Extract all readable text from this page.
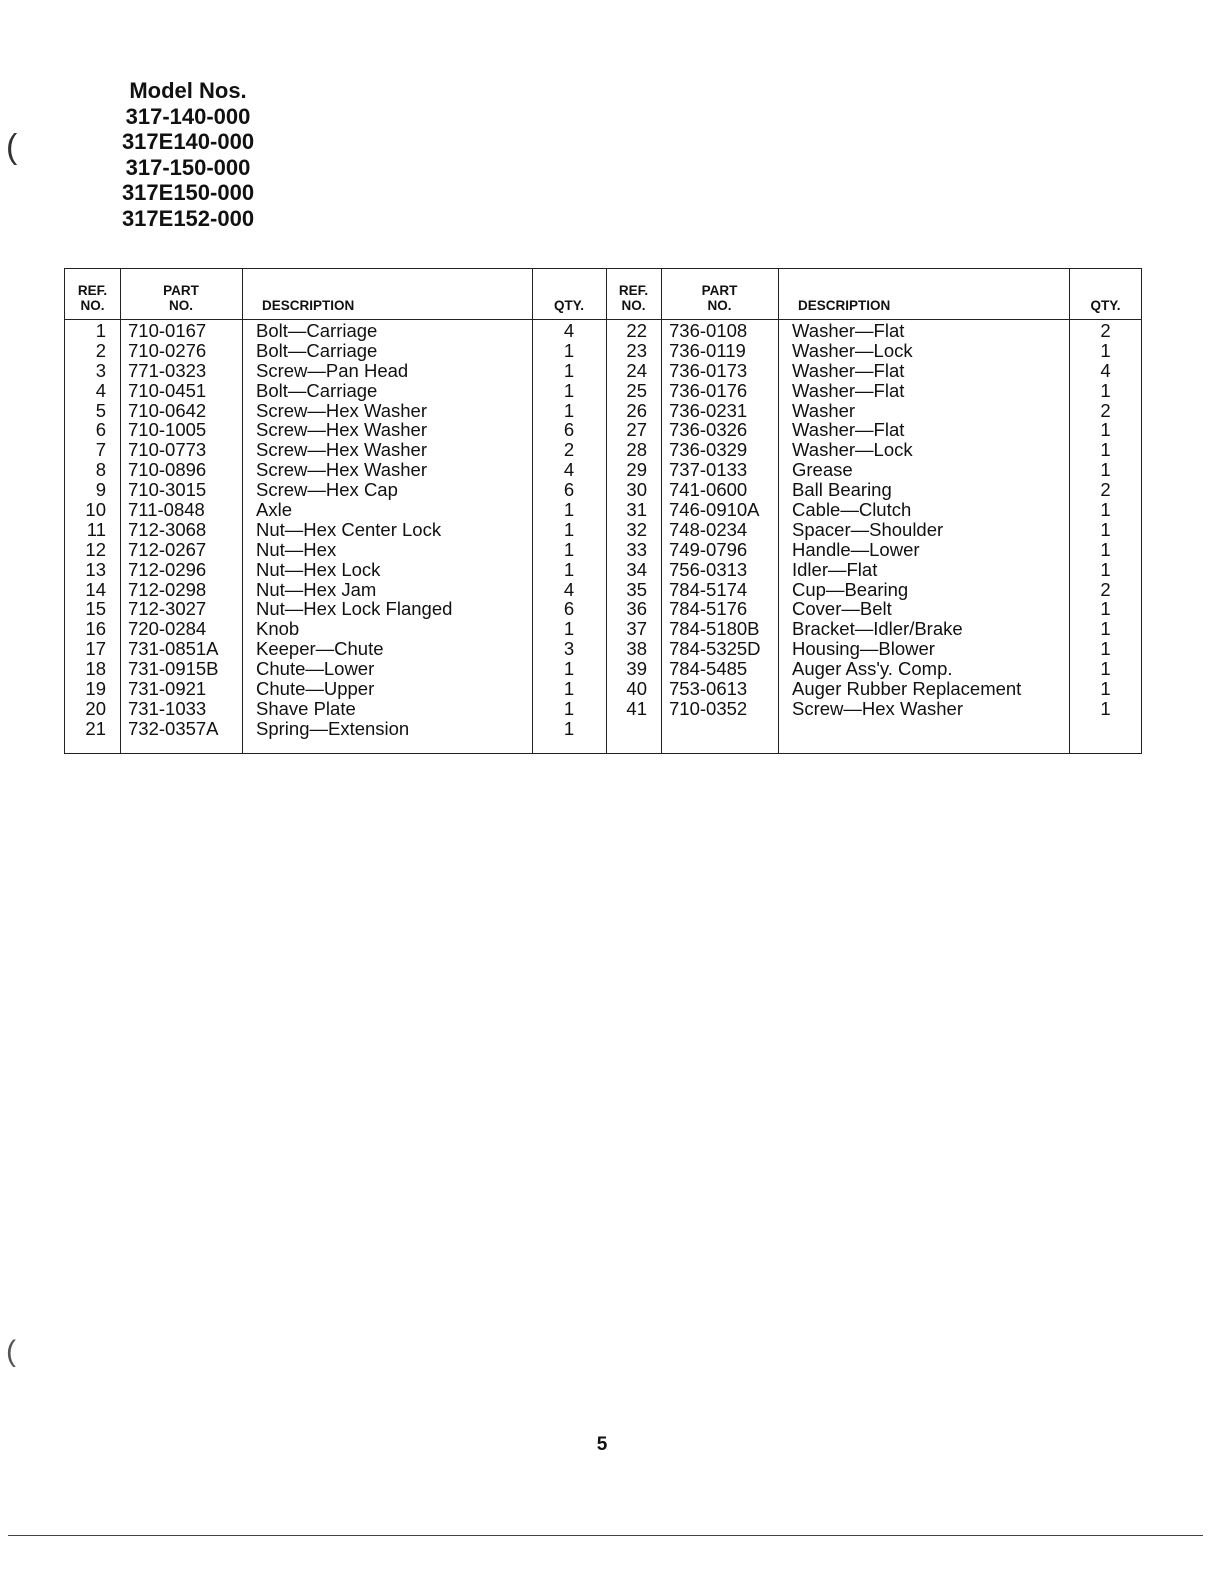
Model Nos.
317-140-000
317E140-000
317-150-000
317E150-000
317E152-000
(
(
REF.
NO.
PART
NO.	DESCRIPTION	QTY.
1 710-0167	Bolt—Carriage	4
2 710-0276	Bolt—Carriage	1
3 771-0323	Screw—Pan Head	1
4 710-0451	Bolt—Carriage	1
5 710-0642	Screw—Hex Washer	1
6 710-1005	Screw—Hex Washer	6
7 710-0773	Screw—Hex Washer	2
8 710-0896	Screw—Hex Washer	4
9 710-3015	Screw—Hex Cap	6
10 711-0848	Axle	1
11 712-3068	Nut—Hex Center Lock	1
12 712-0267	Nut—Hex	1
13 712-0296	Nut—Hex Lock	1
14 712-0298	Nut—Hex Jam	4
15 712-3027	Nut—Hex Lock Flanged	6
16 720-0284	Knob	1
17 731-0851A Keeper—Chute	3
18 731-0915B Chute—Lower	1
19 731-0921	Chute—Upper	1
20 731-1033	Shave Plate	1
21 732-0357A Spring—Extension	1
REF.
NO.
PART
NO.	DESCRIPTION	QTY.
22 736-0108 Washer—Flat	2
23 736-0119 Washer—Lock	1
24 736-0173 Washer—Flat	4
25 736-0176 Washer—Flat	1
26 736-0231 Washer	2
27 736-0326 Washer—Flat	1
28 736-0329 Washer—Lock	1
29 737-0133 Grease	1
30 741-0600 Ball Bearing	2
31 746-0910A Cable—Clutch	1
32 748-0234 Spacer—Shoulder	1
33 749-0796 Handle—Lower	1
34 756-0313 Idler—Flat	1
35 784-5174 Cup—Bearing	2
36 784-5176 Cover—Belt	1
37 784-5180B Bracket—Idler/Brake	1
38 784-5325D Housing—Blower	1
39 784-5485 Auger Ass'y. Comp.	1
40 753-0613 Auger Rubber Replacement	1
41 710-0352 Screw—Hex Washer	1
5
